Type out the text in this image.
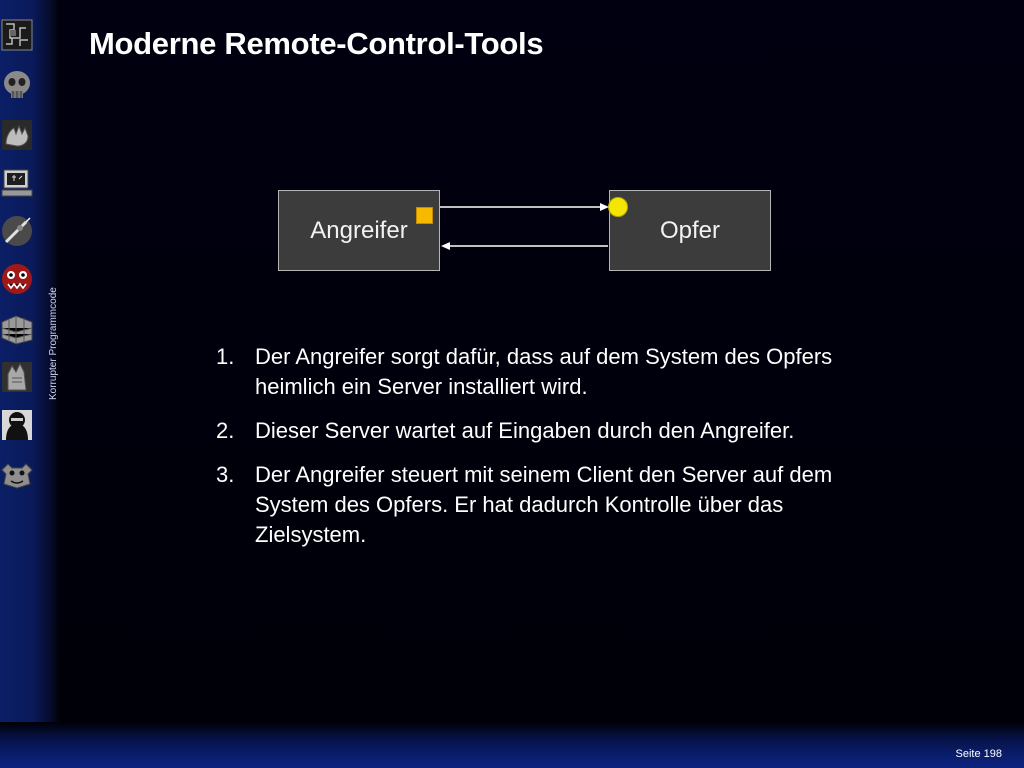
Korrupter Programmcode
Moderne Remote-Control-Tools
Angreifer	Opfer
1. Der Angreifer sorgt dafür, dass auf dem System des Opfers heimlich ein Server installiert wird.
2. Dieser Server wartet auf Eingaben durch den Angreifer.
3. Der Angreifer steuert mit seinem Client den Server auf dem System des Opfers. Er hat dadurch Kontrolle über das Zielsystem.
Seite 198
